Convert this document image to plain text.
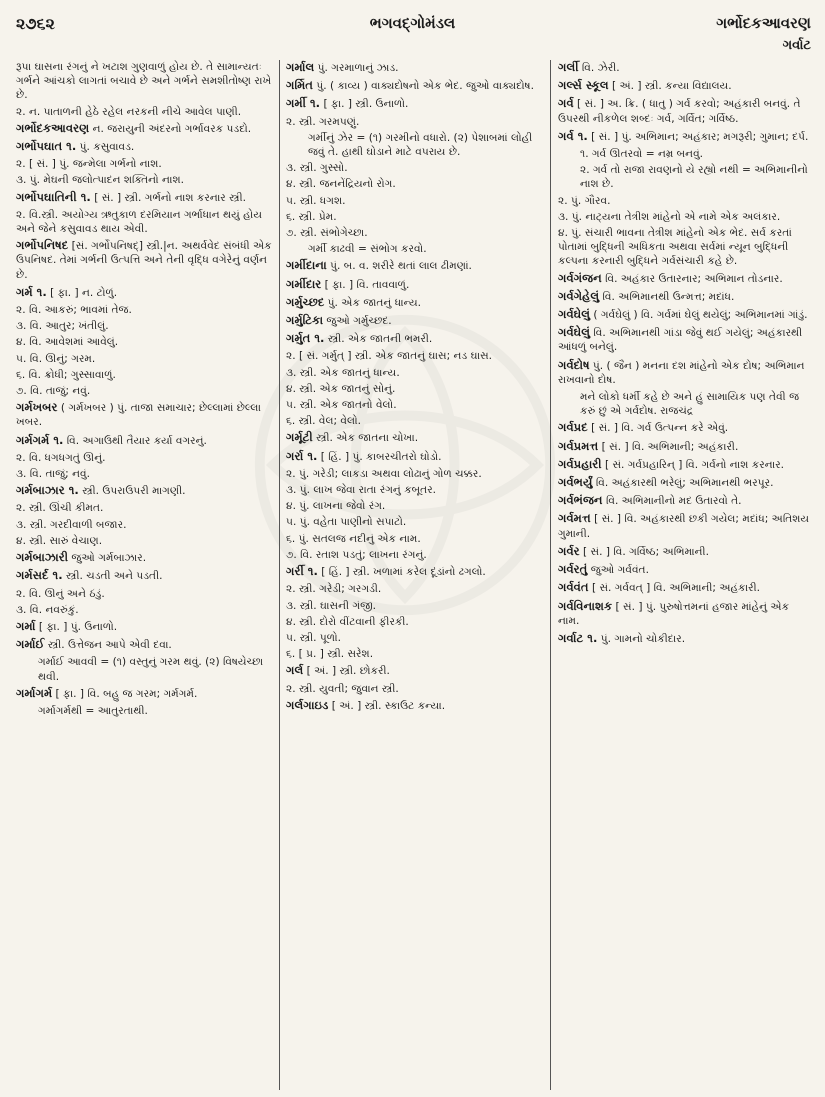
૨૭૬૨	ભગવદ્ગોમંડલ	ગર્ભોદકઆવરણ
ગર્વાટ
રૂપા ઘાસના રંગનું ને ખટાશ ગુણવાળું હોય છે. તે સામાન્યતઃ ગર્ભને આંચકો લાગતાં બચાવે છે અને ગર્ભને સમશીતોષ્ણ રાખે છે.
૨. ન. પાતાળની હેઠે રહેલ નરકની નીચે આવેલ પાણી.
ગર્ભોદકઆવરણ ન. જરાયુની અંદરનો ગર્ભાવરક પડદો.
ગર્ભોપઘાત ૧. પું. કસુવાવડ.
૨. [ સં. ] પું. જન્મેલા ગર્ભનો નાશ.
૩. પું. મેઘની જલોત્પાદન શક્તિનો નાશ.
ગર્ભોપઘાતિની ૧. [ સં. ] સ્ત્રી. ગર્ભનો નાશ કરનાર સ્ત્રી.
૨. વિ.સ્ત્રી. અયોગ્ય ઋતુકાળ દરમિયાન ગર્ભાધાન થયું હોય અને જેને કસુવાવડ થાય એવી.
ગર્ભોપનિષદ [સં. ગર્ભોપનિષદ્] સ્ત્રી.|ન. અથર્વવેદ સંબંધી એક ઉપનિષદ. તેમાં ગર્ભની ઉત્પત્તિ અને તેની વૃદ્ધિ વગેરેનું વર્ણન છે.
ગર્મ ૧. [ ફા. ] ન. ટોળું.
૨. વિ. આકરું; ભાવમાં તેજ.
૩. વિ. આતુર; ખંતીલું.
૪. વિ. આવેશમાં આવેલું.
૫. વિ. ઊનું; ગરમ.
૬. વિ. ક્રોધી; ગુસ્સાવાળું.
૭. વિ. તાજું; નવું.
ગર્મખબર ( ગર્મખબર ) પું. તાજા સમાચાર; છેલ્લામાં છેલ્લા ખબર.
ગર્મગર્મ ૧. વિ. અગાઉથી તૈયાર કર્યા વગરનું.
૨. વિ. ધગધગતું ઊનું.
૩. વિ. તાજું; નવું.
ગર્મબાઝાર ૧. સ્ત્રી. ઉપરાઉપરી માગણી.
૨. સ્ત્રી. ઊંચી કીમત.
૩. સ્ત્રી. ગરદીવાળી બજાર.
૪. સ્ત્રી. સારું વેચાણ.
ગર્મબાઝારી જુઓ ગર્મબાઝાર.
ગર્મસર્દ ૧. સ્ત્રી. ચડતી અને પડતી.
૨. વિ. ઊનું અને ઠંડું.
૩. વિ. નવરુંકું.
ગર્મા [ ફા. ] પું. ઉનાળો.
ગર્માઈ સ્ત્રી. ઉત્તેજન આપે એવી દવા.
ગર્માઈ આવવી = (૧) વસ્તુનું ગરમ થવું. (૨) વિષયેચ્છા થવી.
ગર્માગર્મ [ ફા. ] વિ. બહુ જ ગરમ; ગર્મગર્મ.
ગર્માગર્મથી = આતુરતાથી.
ગર્માલ પું. ગરમાળાનું ઝાડ.
ગર્મિત પું. ( કાવ્ય ) વાક્યદોષનો એક ભેદ. જુઓ વાક્યદોષ.
ગર્મી ૧. [ ફા. ] સ્ત્રી. ઉનાળો.
૨. સ્ત્રી. ગરમપણું.
ગર્મીનું ઝેર = (૧) ગરમીનો વધારો. (૨) પેશાબમાં લોહી જવું તે. હાથી ઘોડાને માટે વપરાય છે.
૩. સ્ત્રી. ગુસ્સો.
૪. સ્ત્રી. જનનેંદ્રિયનો રોગ.
૫. સ્ત્રી. ધગશ.
૬. સ્ત્રી. પ્રેમ.
૭. સ્ત્રી. સંભોગેચ્છા.
ગર્મી કાઢવી = સંભોગ કરવો.
ગર્મીદાના પું. બ. વ. શરીરે થતાં લાલ ઢીમણાં.
ગર્મીદાર [ ફા. ] વિ. તાવવાળું.
ગર્મુચ્છદ પું. એક જાતનું ધાન્ય.
ગર્મુટિકા જુઓ ગર્મુચ્છદ.
ગર્મુત ૧. સ્ત્રી. એક જાતની ભમરી.
૨. [ સં. ગર્મુત્ ] સ્ત્રી. એક જાતનું ઘાસ; નડ ઘાસ.
૩. સ્ત્રી. એક જાતનું ધાન્ય.
૪. સ્ત્રી. એક જાતનું સોનું.
૫. સ્ત્રી. એક જાતનો વેલો.
૬. સ્ત્રી. વેલ; વેલો.
ગર્મૂટી સ્ત્રી. એક જાતના ચોખા.
ગર્રા ૧. [ હિં. ] પું. કાબરચીતરો ઘોડો.
૨. પું. ગરેડી; લાકડા અથવા લોઢાનું ગોળ ચક્કર.
૩. પું. લાખ જેવા રાતા રંગનું કબૂતર.
૪. પું. લાખના જેવો રંગ.
૫. પું. વહેતા પાણીનો સપાટો.
૬. પું. સતલજ નદીનું એક નામ.
૭. વિ. રતાશ પડતું; લાખના રંગનું.
ગર્રી ૧. [ હિં. ] સ્ત્રી. ખળામાં કરેલ દૂંડાંનો ઢગલો.
૨. સ્ત્રી. ગરેડી; ગરગડી.
૩. સ્ત્રી. ઘાસની ગંજી.
૪. સ્ત્રી. દોરો વીંટવાની ફીરકી.
૫. સ્ત્રી. પૂળો.
૬. [ પ્ર. ] સ્ત્રી. સરેશ.
ગર્લ [ અં. ] સ્ત્રી. છોકરી.
૨. સ્ત્રી. યુવતી; જુવાન સ્ત્રી.
ગર્લગાઇડ [ અં. ] સ્ત્રી. સ્કાઉટ કન્યા.
ગર્લી વિ. ઝેરી.
ગર્લ્સ સ્કૂલ [ અં. ] સ્ત્રી. કન્યા વિદ્યાલય.
ગર્વ [ સં. ] અ. ક્રિ. ( ધાતુ ) ગર્વ કરવો; અહંકારી બનવું. તે ઉપરથી નીકળેલ શબ્દઃ ગર્વ, ગર્વિત; ગર્વિષ્ઠ.
ગર્વ ૧. [ સં. ] પું. અભિમાન; અહંકાર; મગરૂરી; ગુમાન; દર્પ.
૧. ગર્વ ઊતરવો = નમ્ર બનવું.
૨. ગર્વ તો રાજા રાવણનો યે રહ્યો નથી = અભિમાનીનો નાશ છે.
૨. પું. ગૌરવ.
૩. પું. નાટ્યના તેત્રીશ માંહેનો એ નામે એક અલંકાર.
૪. પું. સંચારી ભાવના તેત્રીશ માંહેનો એક ભેદ. સર્વ કરતાં પોતામાં બુદ્ધિની અધિકતા અથવા સર્વમાં ન્યૂન બુદ્ધિની કલ્પના કરનારી બુદ્ધિને ગર્વસંચારી કહે છે.
ગર્વગંજન વિ. અહંકાર ઉતારનાર; અભિમાન તોડનાર.
ગર્વગેહેલું વિ. અભિમાનથી ઉન્મત્ત; મદાંધ.
ગર્વઘેલું ( ગર્વઘેલું ) વિ. ગર્વમાં ઘેલું થયેલું; અભિમાનમાં ગાંડું.
ગર્વઘેલું વિ. અભિમાનથી ગાંડા જેવું થઈ ગયેલું; અહંકારથી આંધળું બનેલું.
ગર્વદોષ પું. ( જૈન ) મનના દશ માંહેનો એક દોષ; અભિમાન રાખવાનો દોષ.
મને લોકો ધર્મી કહે છે અને હું સામાયિક પણ તેવી જ કરું છું એ ગર્વદોષ. રાજચંદ્ર
ગર્વપ્રદ [ સં. ] વિ. ગર્વ ઉત્પન્ન કરે એવું.
ગર્વપ્રમત્ત [ સં. ] વિ. અભિમાની; અહંકારી.
ગર્વપ્રહારી [ સં. ગર્વપ્રહારિન્ ] વિ. ગર્વનો નાશ કરનાર.
ગર્વભર્યું વિ. અહંકારથી ભરેલું; અભિમાનથી ભરપૂર.
ગર્વભંજન વિ. અભિમાનીનો મદ ઉતારવો તે.
ગર્વમત્ત [ સં. ] વિ. અહંકારથી છકી ગયેલ; મદાંધ; અતિશય ગુમાની.
ગર્વર [ સં. ] વિ. ગર્વિષ્ઠ; અભિમાની.
ગર્વરતું જુઓ ગર્વવંત.
ગર્વવંત [ સં. ગર્વવત્ ] વિ. અભિમાની; અહંકારી.
ગર્વવિનાશક [ સં. ] પું. પુરુષોત્તમનાં હજાર માંહેનું એક નામ.
ગર્વાટ ૧. પું. ગામનો ચોકીદાર.
